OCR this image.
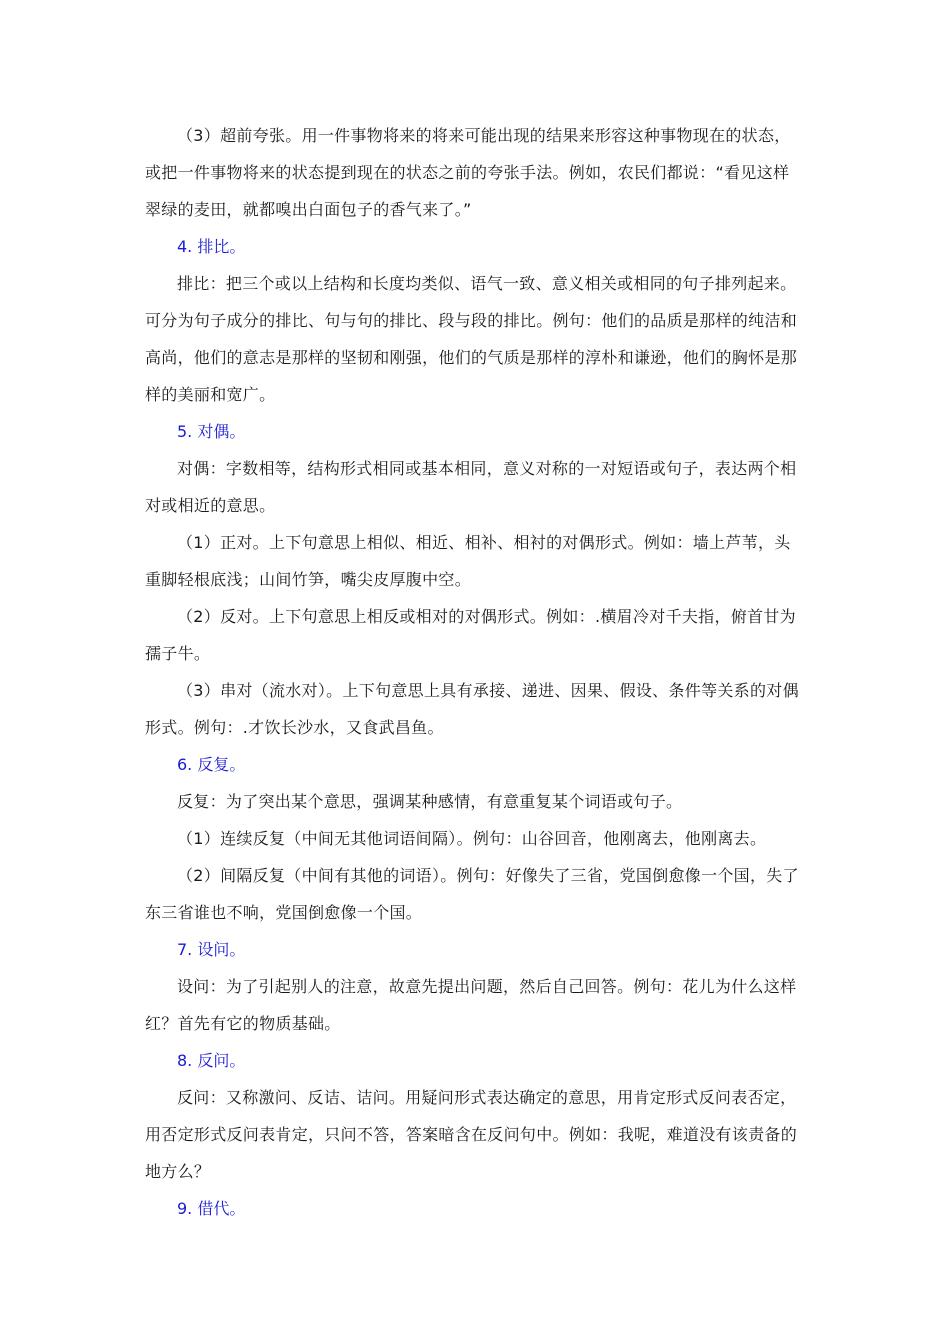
（3）超前夸张。用一件事物将来的将来可能出现的结果来形容这种事物现在的状态，
或把一件事物将来的状态提到现在的状态之前的夸张手法。例如，农民们都说：“看见这样
翠绿的麦田，就都嗅出白面包子的香气来了。”
4. 排比。
排比：把三个或以上结构和长度均类似、语气一致、意义相关或相同的句子排列起来。
可分为句子成分的排比、句与句的排比、段与段的排比。例句：他们的品质是那样的纯洁和
高尚，他们的意志是那样的坚韧和刚强，他们的气质是那样的淳朴和谦逊，他们的胸怀是那
样的美丽和宽广。
5. 对偶。
对偶：字数相等，结构形式相同或基本相同，意义对称的一对短语或句子，表达两个相
对或相近的意思。
（1）正对。上下句意思上相似、相近、相补、相衬的对偶形式。例如：墙上芦苇，头
重脚轻根底浅；山间竹笋，嘴尖皮厚腹中空。
（2）反对。上下句意思上相反或相对的对偶形式。例如：.横眉冷对千夫指，俯首甘为
孺子牛。
（3）串对（流水对）。上下句意思上具有承接、递进、因果、假设、条件等关系的对偶
形式。例句：.才饮长沙水，又食武昌鱼。
6. 反复。
反复：为了突出某个意思，强调某种感情，有意重复某个词语或句子。
（1）连续反复（中间无其他词语间隔）。例句：山谷回音，他刚离去，他刚离去。
（2）间隔反复（中间有其他的词语）。例句：好像失了三省，党国倒愈像一个国，失了
东三省谁也不响，党国倒愈像一个国。
7. 设问。
设问：为了引起别人的注意，故意先提出问题，然后自己回答。例句：花儿为什么这样
红？首先有它的物质基础。
8. 反问。
反问：又称激问、反诘、诘问。用疑问形式表达确定的意思，用肯定形式反问表否定，
用否定形式反问表肯定，只问不答，答案暗含在反问句中。例如：我呢，难道没有该责备的
地方么？
9. 借代。
